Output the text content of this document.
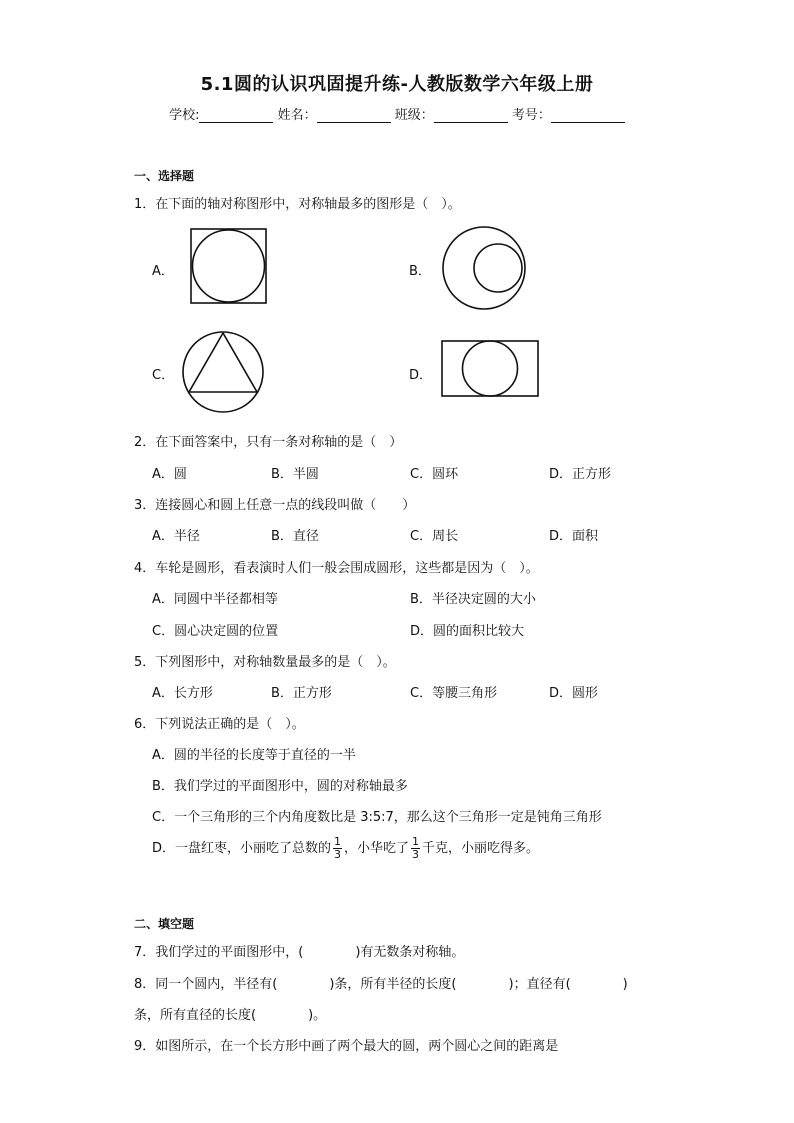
5.1圆的认识巩固提升练-人教版数学六年级上册
学校:	姓名：	班级：	考号：
一、选择题
1．在下面的轴对称图形中，对称轴最多的图形是（　）。
A．	B．
C．	D．
2．在下面答案中，只有一条对称轴的是（　）
A．圆	B．半圆	C．圆环	D．正方形
3．连接圆心和圆上任意一点的线段叫做（　　）
A．半径	B．直径	C．周长	D．面积
4．车轮是圆形，看表演时人们一般会围成圆形，这些都是因为（　）。
A．同圆中半径都相等	B．半径决定圆的大小
C．圆心决定圆的位置	D．圆的面积比较大
5．下列图形中，对称轴数量最多的是（　）。
A．长方形	B．正方形	C．等腰三角形	D．圆形
6．下列说法正确的是（　）。
A．圆的半径的长度等于直径的一半
B．我们学过的平面图形中，圆的对称轴最多
C．一个三角形的三个内角度数比是 3:5:7，那么这个三角形一定是钝角三角形
D．一盘红枣，小丽吃了总数的 $\frac{1}{3}$ ，小华吃了 $\frac{1}{3}$ 千克，小丽吃得多。
二、填空题
7．我们学过的平面图形中，(	)有无数条对称轴。
8．同一个圆内，半径有(	)条，所有半径的长度(	)；直径有(	)
条，所有直径的长度(	)。
9．如图所示，在一个长方形中画了两个最大的圆，两个圆心之间的距离是
